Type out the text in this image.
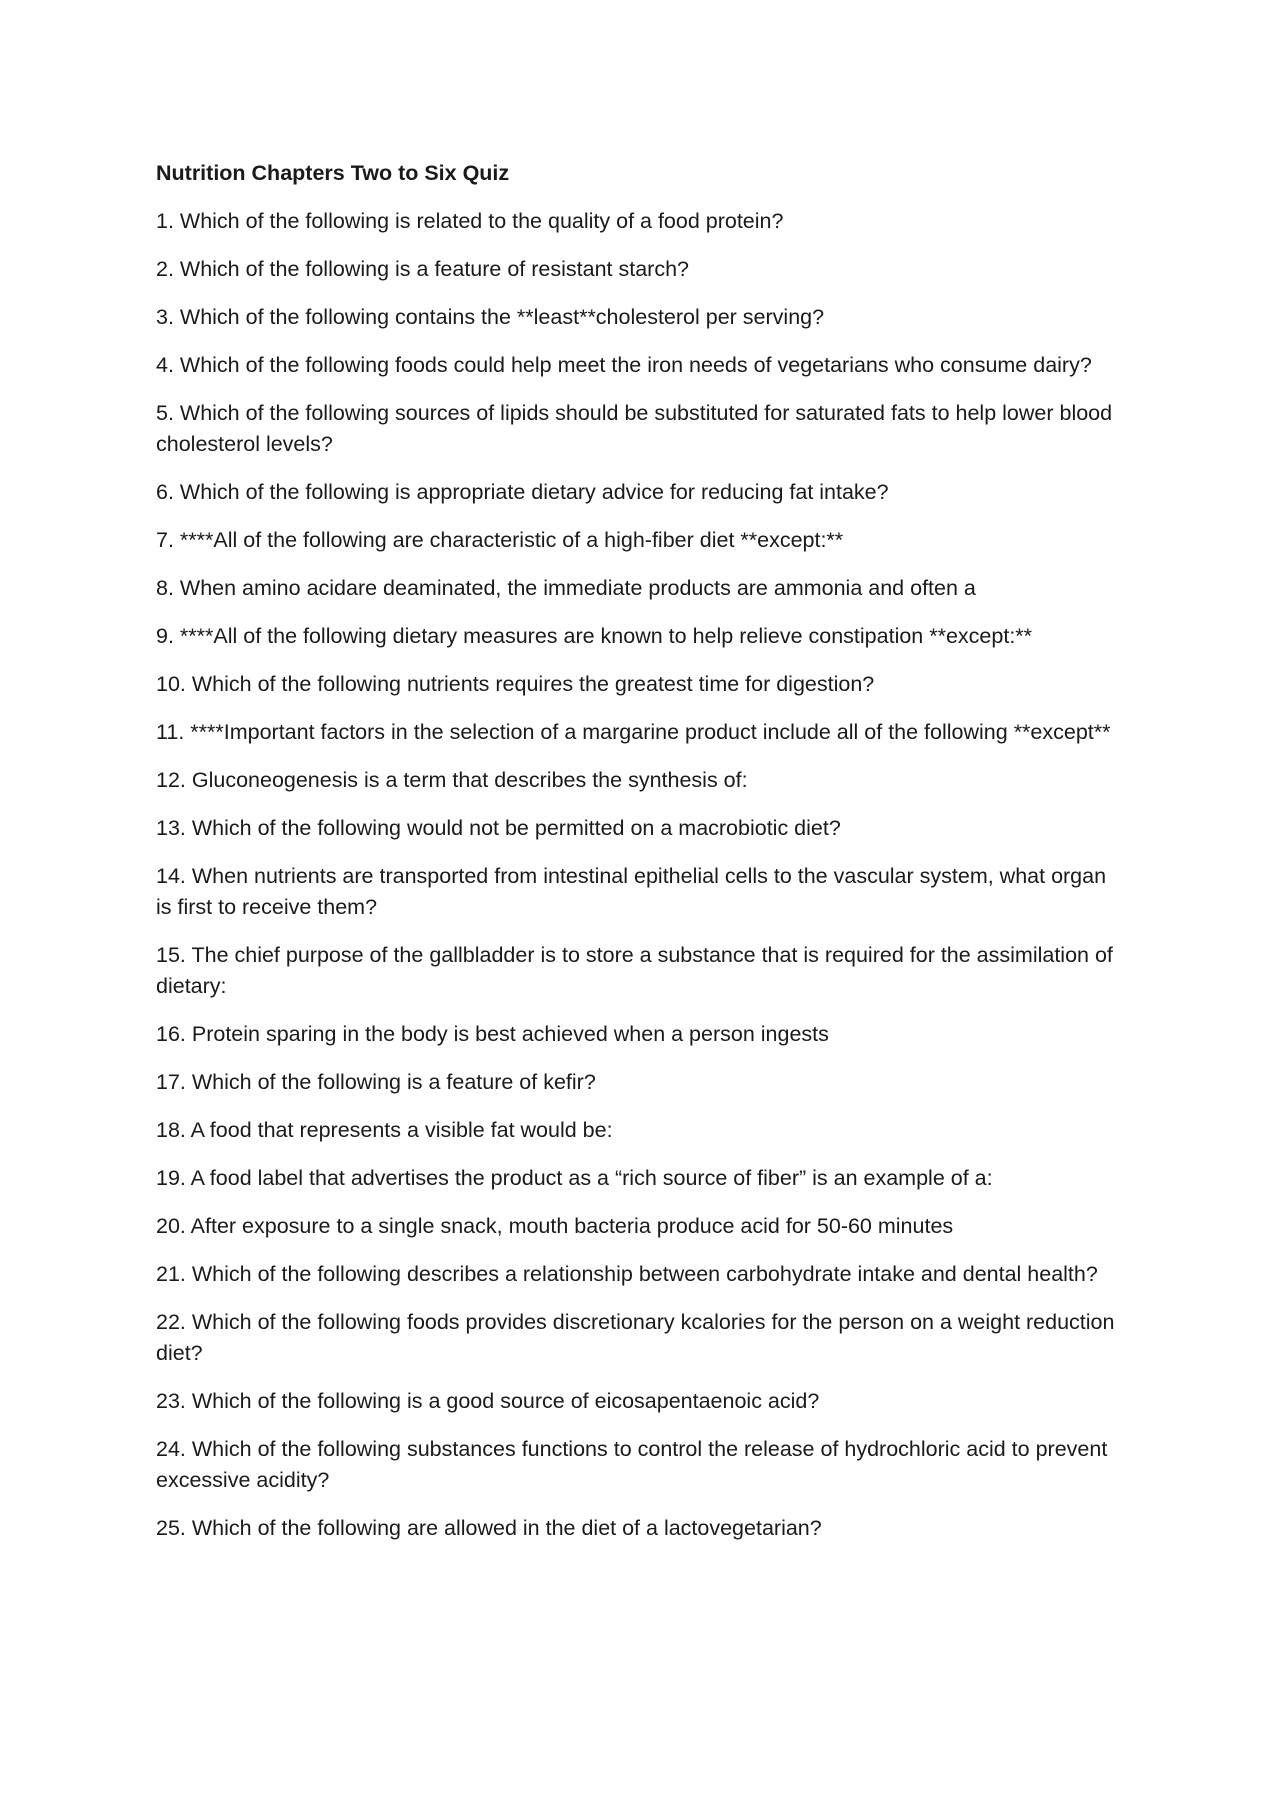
Nutrition Chapters Two to Six Quiz

1. Which of the following is related to the quality of a food protein?

2. Which of the following is a feature of resistant starch?

3. Which of the following contains the **least**cholesterol per serving?

4. Which of the following foods could help meet the iron needs of vegetarians who consume dairy?

5. Which of the following sources of lipids should be substituted for saturated fats to help lower blood cholesterol levels?

6. Which of the following is appropriate dietary advice for reducing fat intake?

7. ****All of the following are characteristic of a high-fiber diet **except:**

8. When amino acidare deaminated, the immediate products are ammonia and often a

9. ****All of the following dietary measures are known to help relieve constipation **except:**

10. Which of the following nutrients requires the greatest time for digestion?

11. ****Important factors in the selection of a margarine product include all of the following **except**

12. Gluconeogenesis is a term that describes the synthesis of:

13. Which of the following would not be permitted on a macrobiotic diet?

14. When nutrients are transported from intestinal epithelial cells to the vascular system, what organ is first to receive them?

15. The chief purpose of the gallbladder is to store a substance that is required for the assimilation of dietary:

16. Protein sparing in the body is best achieved when a person ingests

17. Which of the following is a feature of kefir?

18. A food that represents a visible fat would be:

19. A food label that advertises the product as a “rich source of fiber” is an example of a:

20. After exposure to a single snack, mouth bacteria produce acid for 50-60 minutes

21. Which of the following describes a relationship between carbohydrate intake and dental health?

22. Which of the following foods provides discretionary kcalories for the person on a weight reduction diet?

23. Which of the following is a good source of eicosapentaenoic acid?

24. Which of the following substances functions to control the release of hydrochloric acid to prevent excessive acidity?

25. Which of the following are allowed in the diet of a lactovegetarian?
